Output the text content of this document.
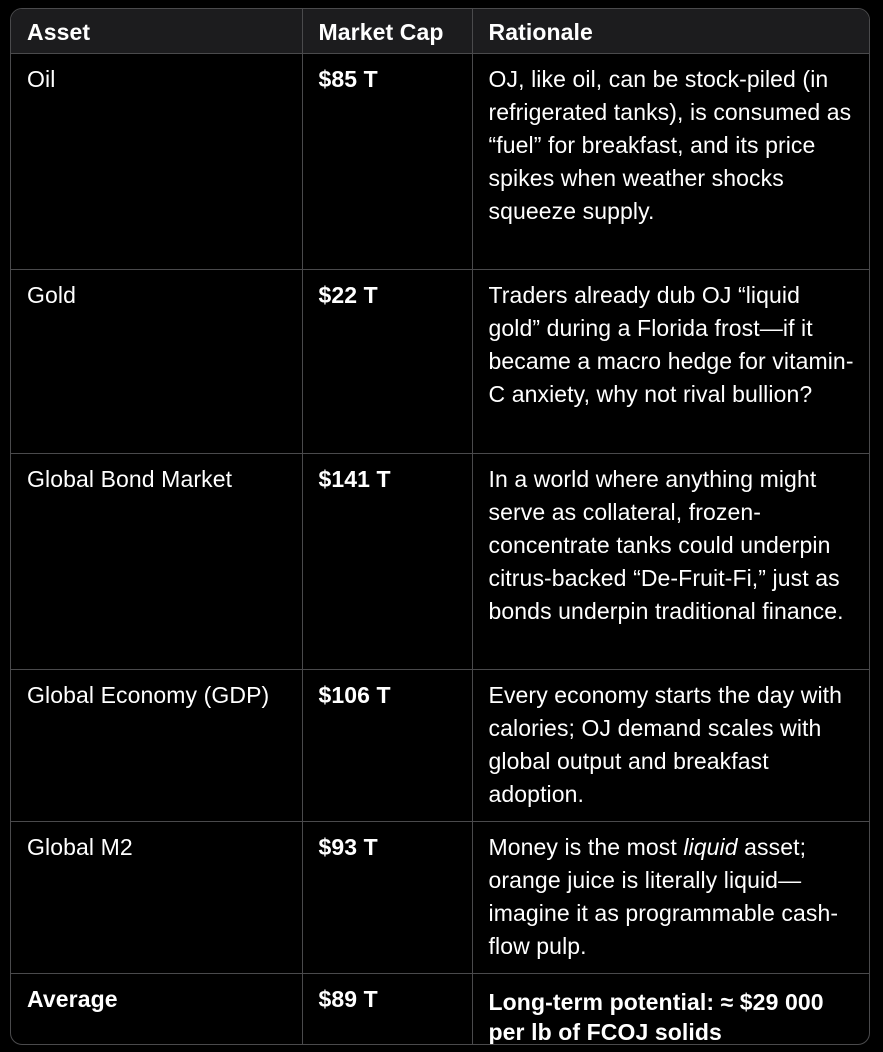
Asset	Market Cap	Rationale
Oil	$85 T	OJ, like oil, can be stock-piled (in refrigerated tanks), is consumed as “fuel” for breakfast, and its price spikes when weather shocks squeeze supply.
Gold	$22 T	Traders already dub OJ “liquid gold” during a Florida frost—if it became a macro hedge for vitamin-C anxiety, why not rival bullion?
Global Bond Market	$141 T	In a world where anything might serve as collateral, frozen-concentrate tanks could underpin citrus-backed “De-Fruit-Fi,” just as bonds underpin traditional finance.
Global Economy (GDP)	$106 T	Every economy starts the day with calories; OJ demand scales with global output and breakfast adoption.
Global M2	$93 T	Money is the most liquid asset; orange juice is literally liquid—imagine it as programmable cash-flow pulp.
Average	$89 T	Long-term potential: ≈ $29 000 per lb of FCOJ solids
